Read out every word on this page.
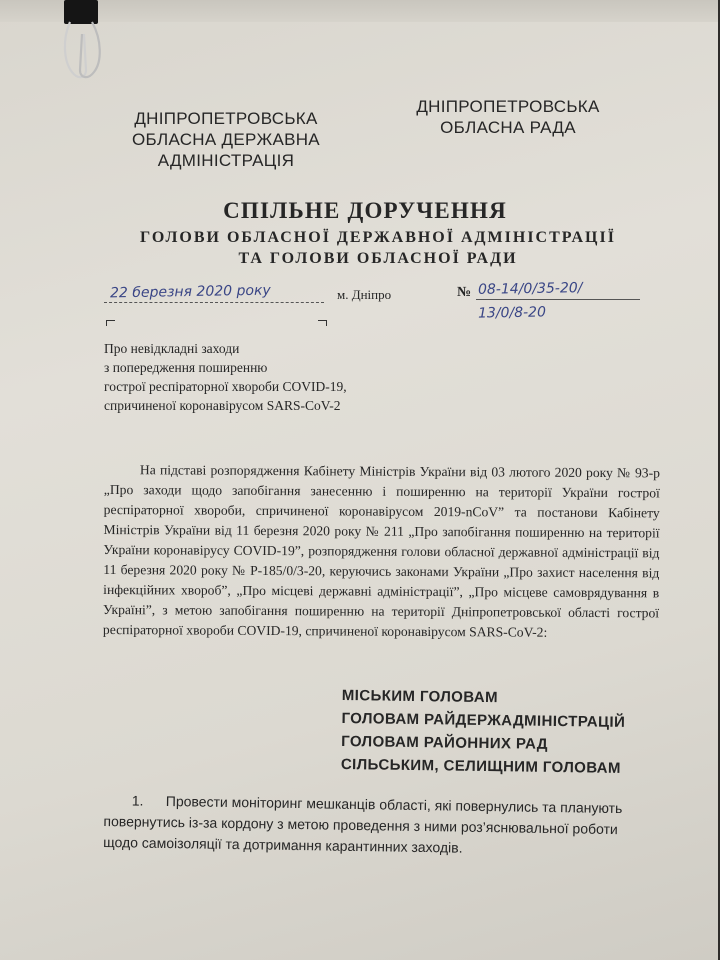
ДНІПРОПЕТРОВСЬКА
ОБЛАСНА ДЕРЖАВНА
АДМІНІСТРАЦІЯ
ДНІПРОПЕТРОВСЬКА
ОБЛАСНА РАДА
СПІЛЬНЕ ДОРУЧЕННЯ
ГОЛОВИ ОБЛАСНОЇ ДЕРЖАВНОЇ АДМІНІСТРАЦІЇ
ТА ГОЛОВИ ОБЛАСНОЇ РАДИ
22 березня 2020 року	м. Дніпро	№ 08-14/0/35-20/
13/0/8-20
Про невідкладні заходи
з попередження поширенню
гострої респіраторної хвороби COVID-19,
спричиненої коронавірусом SARS-CoV-2
На підставі розпорядження Кабінету Міністрів України від 03 лютого 2020 року № 93-р „Про заходи щодо запобігання занесенню і поширенню на території України гострої респіраторної хвороби, спричиненої коронавірусом 2019-nCoV” та постанови Кабінету Міністрів України від 11 березня 2020 року № 211 „Про запобігання поширенню на території України коронавірусу COVID-19”, розпорядження голови обласної державної адміністрації від 11 березня 2020 року № Р-185/0/3-20, керуючись законами України „Про захист населення від інфекційних хвороб”, „Про місцеві державні адміністрації”, „Про місцеве самоврядування в Україні”, з метою запобігання поширенню на території Дніпропетровської області гострої респіраторної хвороби COVID-19, спричиненої коронавірусом SARS-CoV-2:
МІСЬКИМ ГОЛОВАМ
ГОЛОВАМ РАЙДЕРЖАДМІНІСТРАЦІЙ
ГОЛОВАМ РАЙОННИХ РАД
СІЛЬСЬКИМ, СЕЛИЩНИМ ГОЛОВАМ
1. Провести моніторинг мешканців області, які повернулись та планують
повернутись із-за кордону з метою проведення з ними роз’яснювальної роботи
щодо самоізоляції та дотримання карантинних заходів.
